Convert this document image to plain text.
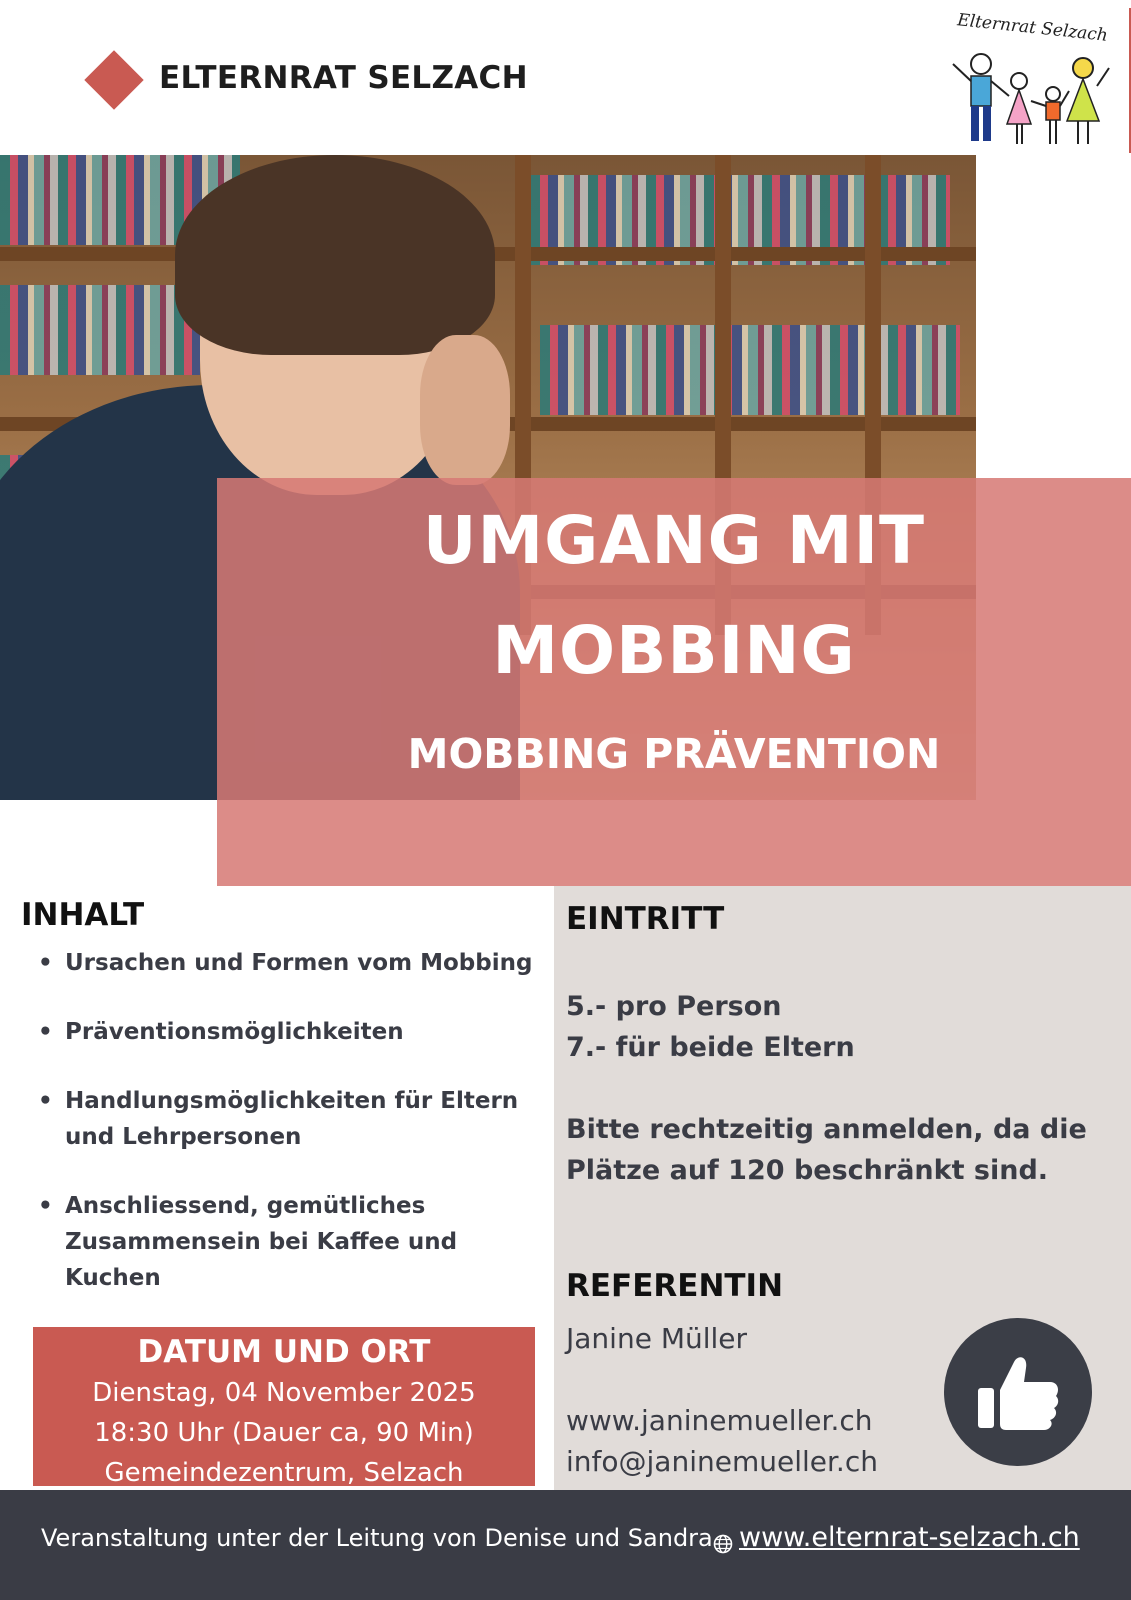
ELTERNRAT SELZACH
Elternrat Selzach
UMGANG MIT
MOBBING
MOBBING PRÄVENTION
INHALT
• Ursachen und Formen vom Mobbing
• Präventionsmöglichkeiten
• Handlungsmöglichkeiten für Eltern und Lehrpersonen
• Anschliessend, gemütliches Zusammensein bei Kaffee und Kuchen
DATUM UND ORT
Dienstag, 04 November 2025
18:30 Uhr (Dauer ca, 90 Min)
Gemeindezentrum, Selzach
EINTRITT
5.- pro Person
7.- für beide Eltern
Bitte rechtzeitig anmelden, da die
Plätze auf 120 beschränkt sind.
REFERENTIN
Janine Müller
www.janinemueller.ch
info@janinemueller.ch
Veranstaltung unter der Leitung von Denise und Sandra www.elternrat-selzach.ch
